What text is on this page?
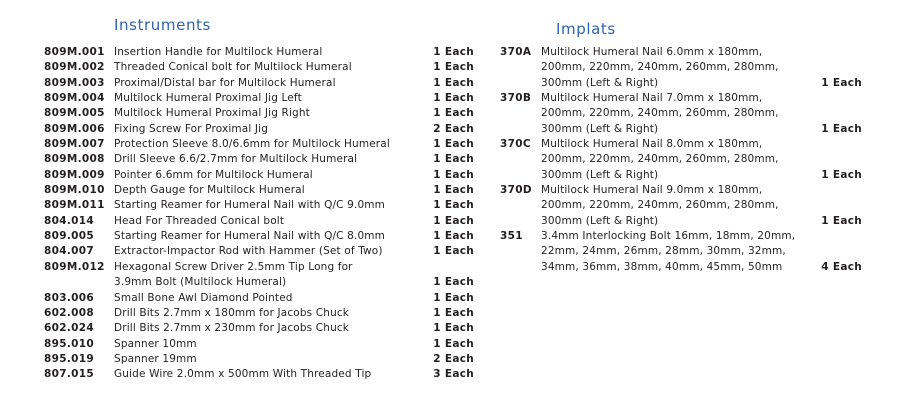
Instruments
809M.001 Insertion Handle for Multilock Humeral	1 Each
809M.002 Threaded Conical bolt for Multilock Humeral	1 Each
809M.003 Proximal/Distal bar for Multilock Humeral	1 Each
809M.004 Multilock Humeral Proximal Jig Left	1 Each
809M.005 Multilock Humeral Proximal Jig Right	1 Each
809M.006 Fixing Screw For Proximal Jig	2 Each
809M.007 Protection Sleeve 8.0/6.6mm for Multilock Humeral	1 Each
809M.008 Drill Sleeve 6.6/2.7mm for Multilock Humeral	1 Each
809M.009 Pointer 6.6mm for Multilock Humeral	1 Each
809M.010 Depth Gauge for Multilock Humeral	1 Each
809M.011 Starting Reamer for Humeral Nail with Q/C 9.0mm	1 Each
804.014 Head For Threaded Conical bolt	1 Each
809.005 Starting Reamer for Humeral Nail with Q/C 8.0mm	1 Each
804.007 Extractor-Impactor Rod with Hammer (Set of Two)	1 Each
809M.012 Hexagonal Screw Driver 2.5mm Tip Long for
3.9mm Bolt (Multilock Humeral)	1 Each
803.006 Small Bone Awl Diamond Pointed	1 Each
602.008 Drill Bits 2.7mm x 180mm for Jacobs Chuck	1 Each
602.024 Drill Bits 2.7mm x 230mm for Jacobs Chuck	1 Each
895.010 Spanner 10mm	1 Each
895.019 Spanner 19mm	2 Each
807.015 Guide Wire 2.0mm x 500mm With Threaded Tip	3 Each
Implats
370A Multilock Humeral Nail 6.0mm x 180mm,
200mm, 220mm, 240mm, 260mm, 280mm,
300mm (Left & Right)	1 Each
370B Multilock Humeral Nail 7.0mm x 180mm,
200mm, 220mm, 240mm, 260mm, 280mm,
300mm (Left & Right)	1 Each
370C Multilock Humeral Nail 8.0mm x 180mm,
200mm, 220mm, 240mm, 260mm, 280mm,
300mm (Left & Right)	1 Each
370D Multilock Humeral Nail 9.0mm x 180mm,
200mm, 220mm, 240mm, 260mm, 280mm,
300mm (Left & Right)	1 Each
351 3.4mm Interlocking Bolt 16mm, 18mm, 20mm,
22mm, 24mm, 26mm, 28mm, 30mm, 32mm,
34mm, 36mm, 38mm, 40mm, 45mm, 50mm	4 Each
